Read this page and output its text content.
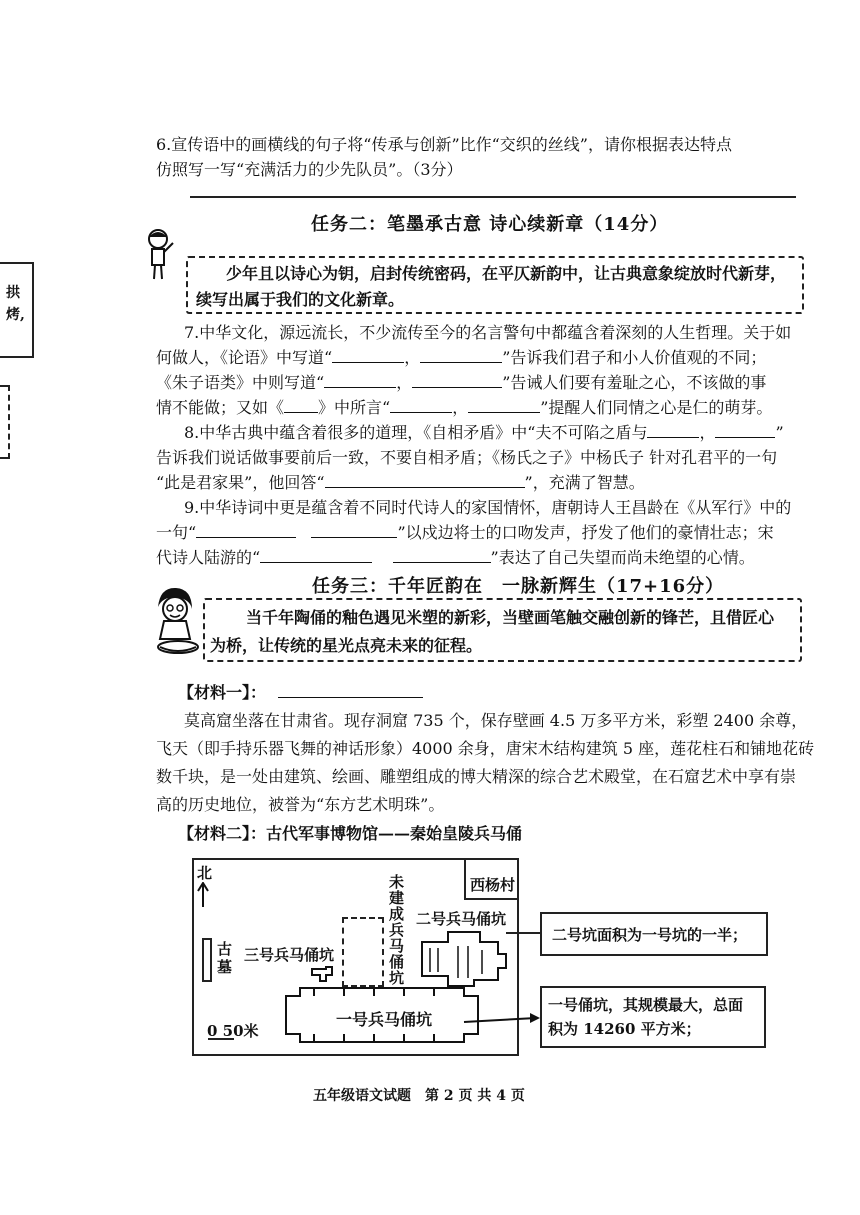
拱
烤,
6.宣传语中的画横线的句子将“传承与创新”比作“交织的丝线”，请你根据表达特点
仿照写一写“充满活力的少先队员”。（3分）
任务二：笔墨承古意 诗心续新章（14分）
少年且以诗心为钥，启封传统密码，在平仄新韵中，让古典意象绽放时代新芽，
续写出属于我们的文化新章。
7.中华文化，源远流长，不少流传至今的名言警句中都蕴含着深刻的人生哲理。关于如
何做人，《论语》中写道“	，	”告诉我们君子和小人价值观的不同；
《朱子语类》中则写道“	，	”告诫人们要有羞耻之心，不该做的事
情不能做；又如《 》中所言“	，	”提醒人们同情之心是仁的萌芽。
8.中华古典中蕴含着很多的道理，《自相矛盾》中“夫不可陷之盾与	，	”
告诉我们说话做事要前后一致，不要自相矛盾；《杨氏之子》中杨氏子 针对孔君平的一句
“此是君家果”，他回答“	”，充满了智慧。
9.中华诗词中更是蕴含着不同时代诗人的家国情怀，唐朝诗人王昌龄在《从军行》中的
一句“	”以戍边将士的口吻发声，抒发了他们的豪情壮志；宋
代诗人陆游的“	”表达了自己失望而尚未绝望的心情。
任务三：千年匠韵在　一脉新辉生（17+16分）
当千年陶俑的釉色遇见米塑的新彩，当壁画笔触交融创新的锋芒，且借匠心
为桥，让传统的星光点亮未来的征程。
【材料一】：
莫高窟坐落在甘肃省。现存洞窟 735 个，保存壁画 4.5 万多平方米，彩塑 2400 余尊，
飞天（即手持乐器飞舞的神话形象）4000 余身，唐宋木结构建筑 5 座，莲花柱石和铺地花砖
数千块，是一处由建筑、绘画、雕塑组成的博大精深的综合艺术殿堂，在石窟艺术中享有崇
高的历史地位，被誉为“东方艺术明珠”。
【材料二】：古代军事博物馆——秦始皇陵兵马俑
北
西杨村
古墓
三号兵马俑坑
未建成兵马俑坑
二号兵马俑坑
一号兵马俑坑
0 50米
二号坑面积为一号坑的一半；
一号俑坑，其规模最大，总面
积为 14260 平方米；
五年级语文试题　第 2 页 共 4 页
